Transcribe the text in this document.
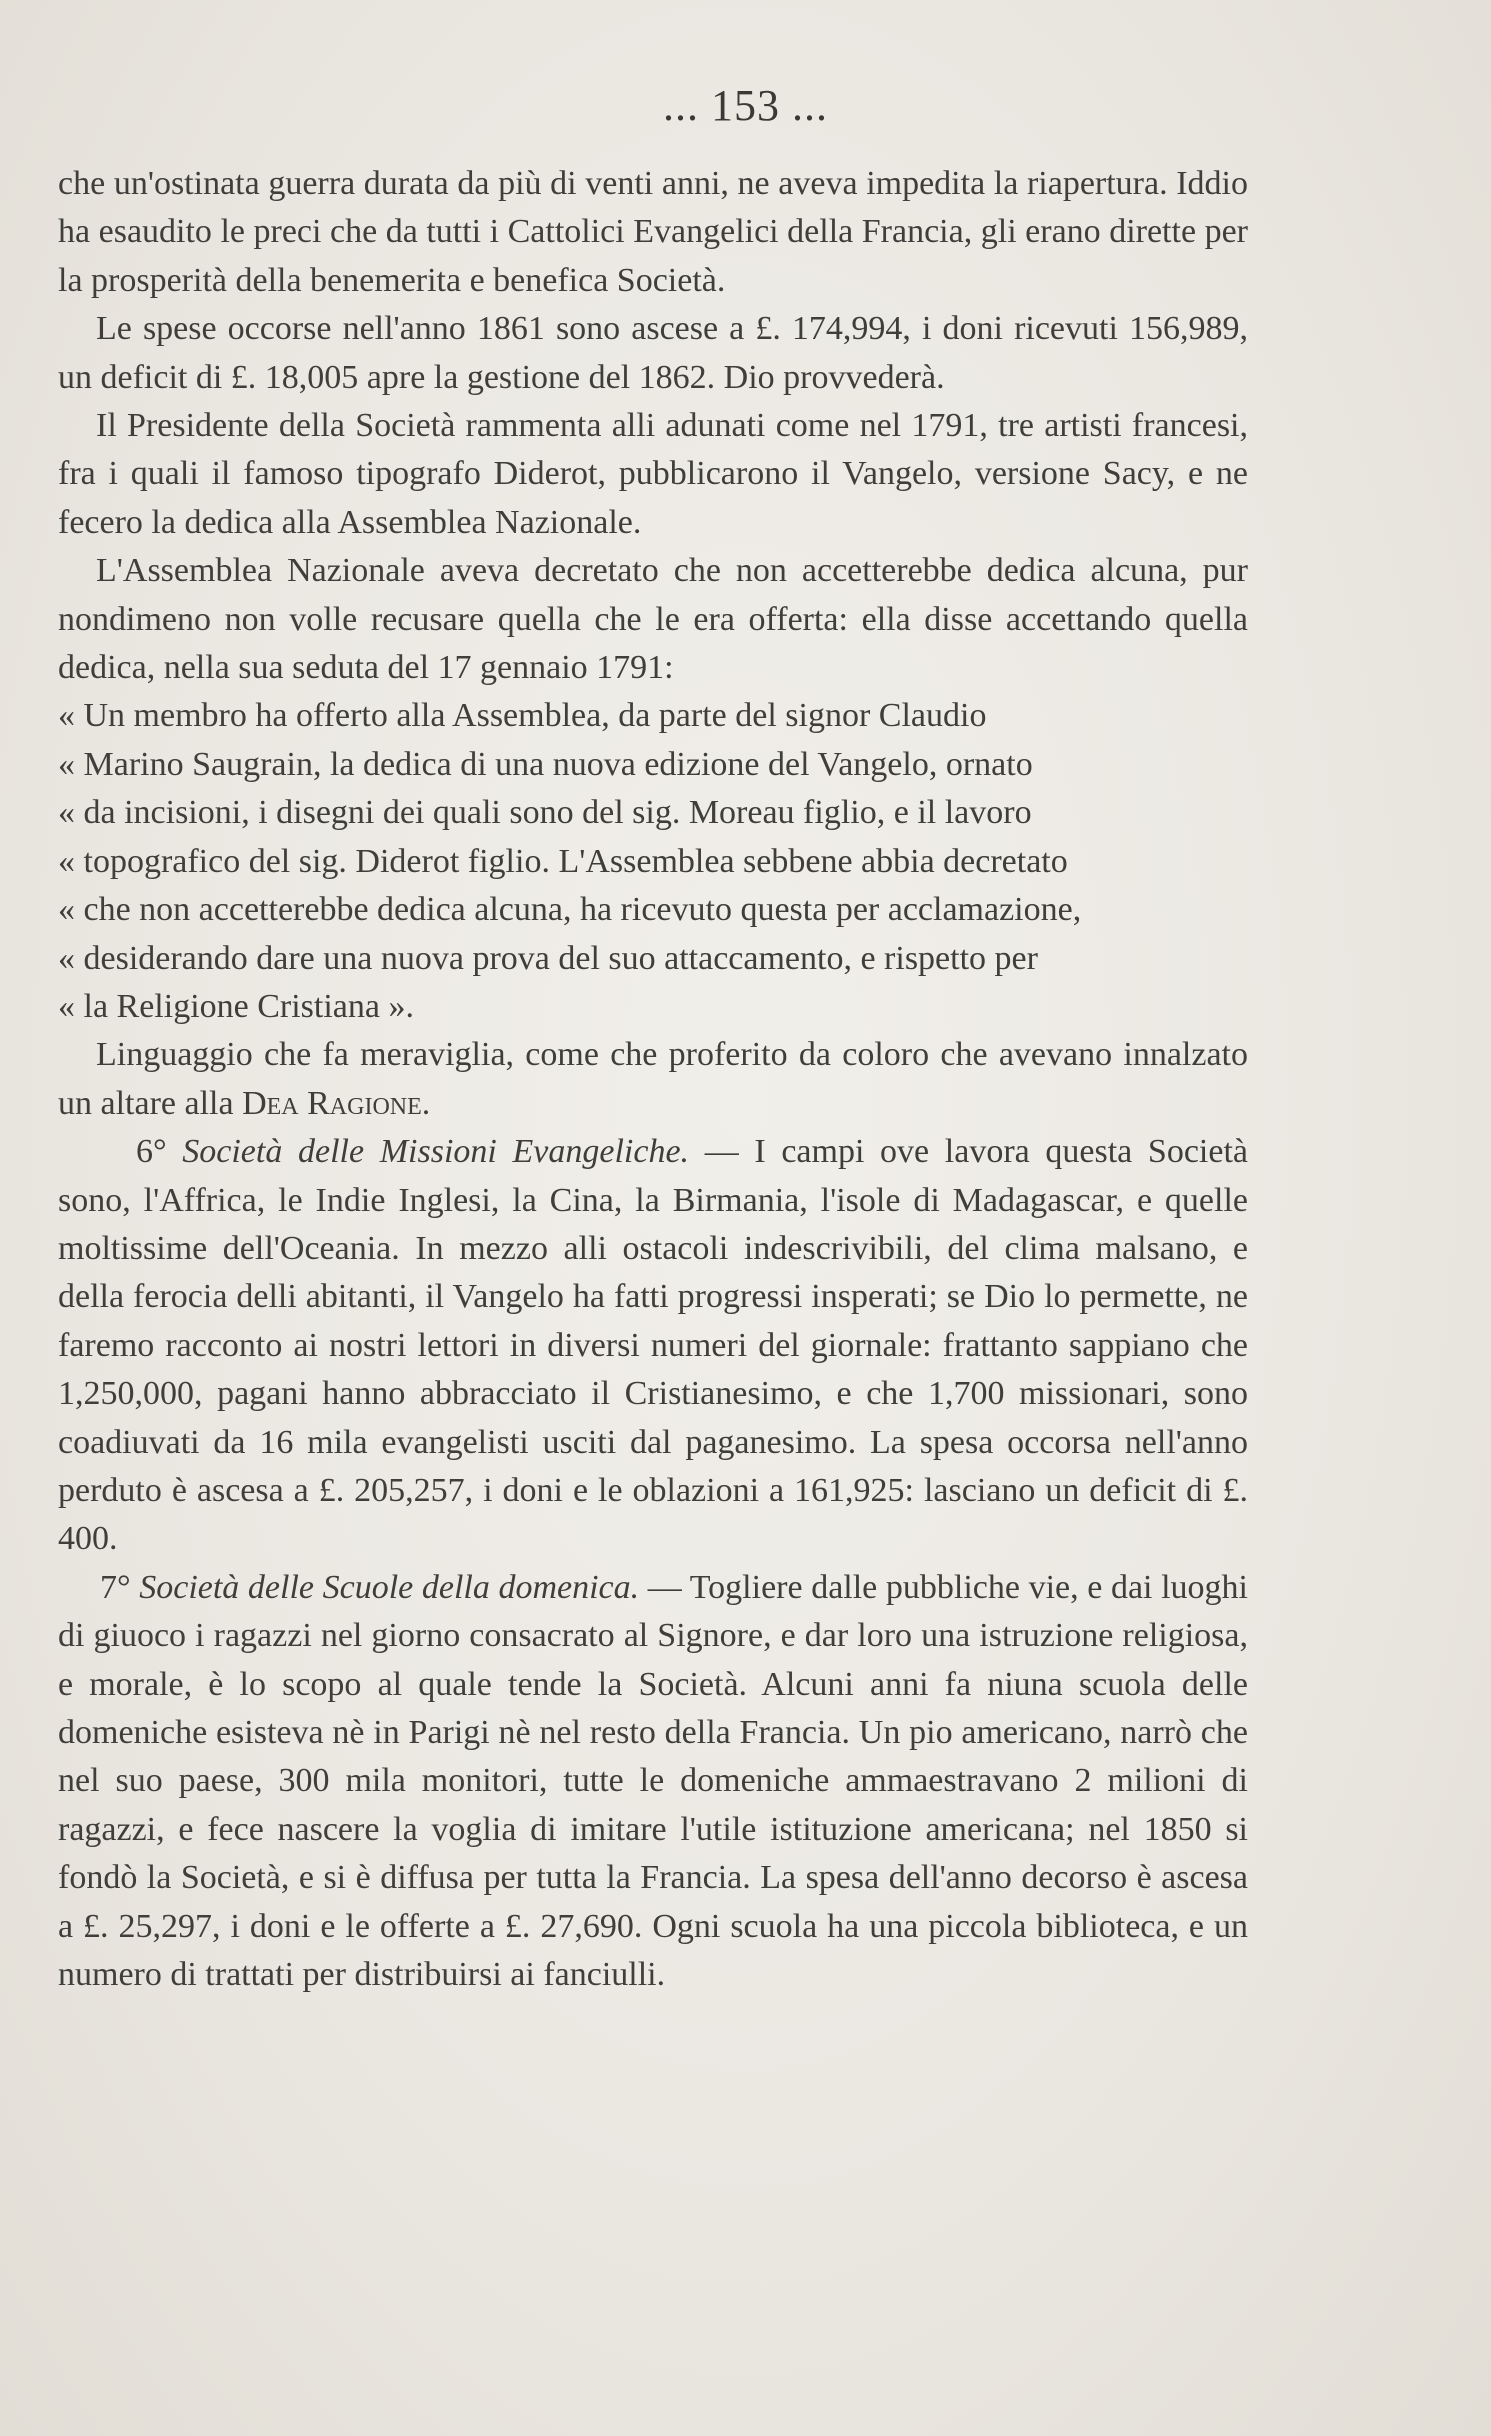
... 153 ...

che un'ostinata guerra durata da più di venti anni, ne aveva impedita la riapertura. Iddio ha esaudito le preci che da tutti i Cattolici Evangelici della Francia, gli erano dirette per la prosperità della benemerita e benefica Società.

Le spese occorse nell'anno 1861 sono ascese a £. 174,994, i doni ricevuti 156,989, un deficit di £. 18,005 apre la gestione del 1862. Dio provvederà.

Il Presidente della Società rammenta alli adunati come nel 1791, tre artisti francesi, fra i quali il famoso tipografo Diderot, pubblicarono il Vangelo, versione Sacy, e ne fecero la dedica alla Assemblea Nazionale.

L'Assemblea Nazionale aveva decretato che non accetterebbe dedica alcuna, pur nondimeno non volle recusare quella che le era offerta: ella disse accettando quella dedica, nella sua seduta del 17 gennaio 1791:

« Un membro ha offerto alla Assemblea, da parte del signor Claudio
« Marino Saugrain, la dedica di una nuova edizione del Vangelo, ornato
« da incisioni, i disegni dei quali sono del sig. Moreau figlio, e il lavoro
« topografico del sig. Diderot figlio. L'Assemblea sebbene abbia decretato
« che non accetterebbe dedica alcuna, ha ricevuto questa per acclamazione,
« desiderando dare una nuova prova del suo attaccamento, e rispetto per
« la Religione Cristiana ».

Linguaggio che fa meraviglia, come che proferito da coloro che avevano innalzato un altare alla Dea Ragione.

6° Società delle Missioni Evangeliche. — I campi ove lavora questa Società sono, l'Affrica, le Indie Inglesi, la Cina, la Birmania, l'isole di Madagascar, e quelle moltissime dell'Oceania. In mezzo alli ostacoli indescrivibili, del clima malsano, e della ferocia delli abitanti, il Vangelo ha fatti progressi insperati; se Dio lo permette, ne faremo racconto ai nostri lettori in diversi numeri del giornale: frattanto sappiano che 1,250,000, pagani hanno abbracciato il Cristianesimo, e che 1,700 missionari, sono coadiuvati da 16 mila evangelisti usciti dal paganesimo. La spesa occorsa nell'anno perduto è ascesa a £. 205,257, i doni e le oblazioni a 161,925: lasciano un deficit di £. 400.

7° Società delle Scuole della domenica. — Togliere dalle pubbliche vie, e dai luoghi di giuoco i ragazzi nel giorno consacrato al Signore, e dar loro una istruzione religiosa, e morale, è lo scopo al quale tende la Società. Alcuni anni fa niuna scuola delle domeniche esisteva nè in Parigi nè nel resto della Francia. Un pio americano, narrò che nel suo paese, 300 mila monitori, tutte le domeniche ammaestravano 2 milioni di ragazzi, e fece nascere la voglia di imitare l'utile istituzione americana; nel 1850 si fondò la Società, e si è diffusa per tutta la Francia. La spesa dell'anno decorso è ascesa a £. 25,297, i doni e le offerte a £. 27,690. Ogni scuola ha una piccola biblioteca, e un numero di trattati per distribuirsi ai fanciulli.
